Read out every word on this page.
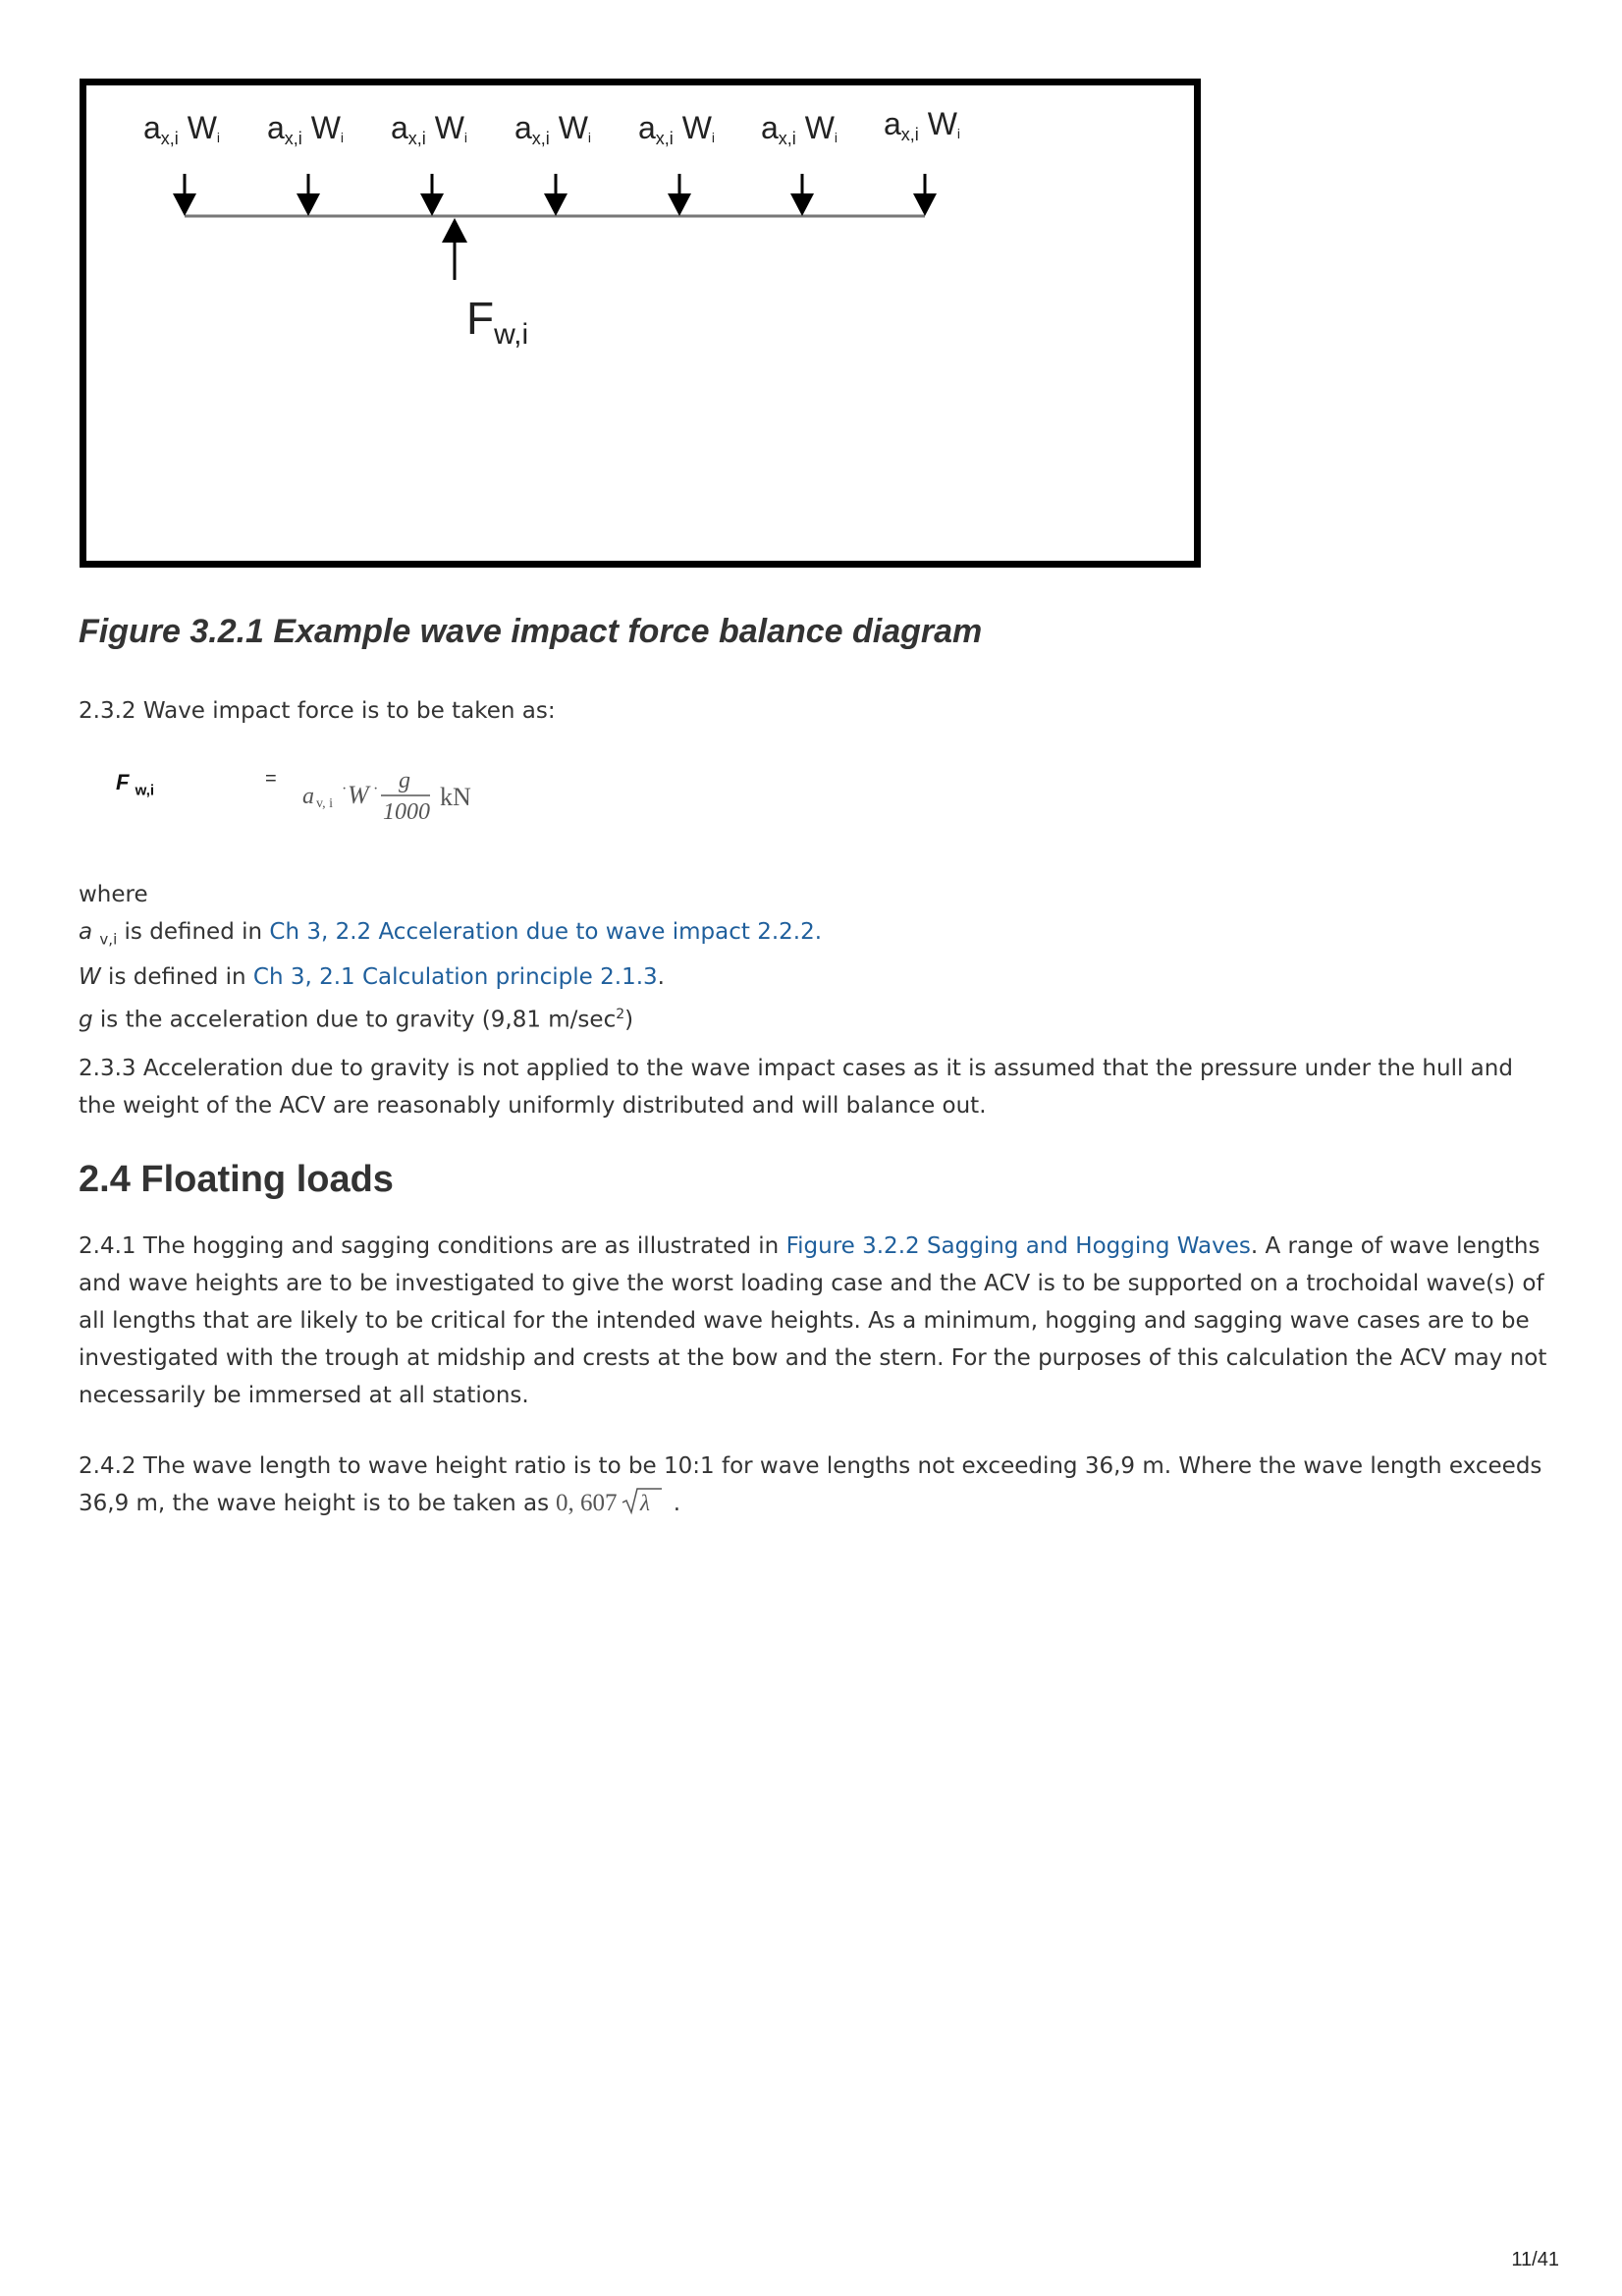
ax,i Wi ax,i Wi ax,i Wi ax,i Wi ax,i Wi ax,i Wi ax,i Wi
$F_{w,i}$
Figure 3.2.1 Example wave impact force balance diagram
2.3.2 Wave impact force is to be taken as:
F $_{w,i}$
=
a v, i
· W · g
1000
kN

where

a $_{v,i}$ is defined in Ch 3, 2.2 Acceleration due to wave impact 2.2.2.

W is defined in Ch 3, 2.1 Calculation principle 2.1.3.

g is the acceleration due to gravity (9,81 $m/\sec^2$)

2.3.3 Acceleration due to gravity is not applied to the wave impact cases as it is assumed that the pressure under the hull and the weight of the ACV are reasonably uniformly distributed and will balance out.
2.4 Floating loads
2.4.1 The hogging and sagging conditions are as illustrated in Figure 3.2.2 Sagging and Hogging Waves. A range of wave lengths and wave heights are to be investigated to give the worst loading case and the ACV is to be supported on a trochoidal wave(s) of all lengths that are likely to be critical for the intended wave heights. As a minimum, hogging and sagging wave cases are to be investigated with the trough at midship and crests at the bow and the stern. For the purposes of this calculation the ACV may not necessarily be immersed at all stations.
2.4.2 The wave length to wave height ratio is to be 10:1 for wave lengths not exceeding 36,9 m. Where the wave length exceeds 36,9 m, the wave height is to be taken as 0, 607 λ .
11/41
